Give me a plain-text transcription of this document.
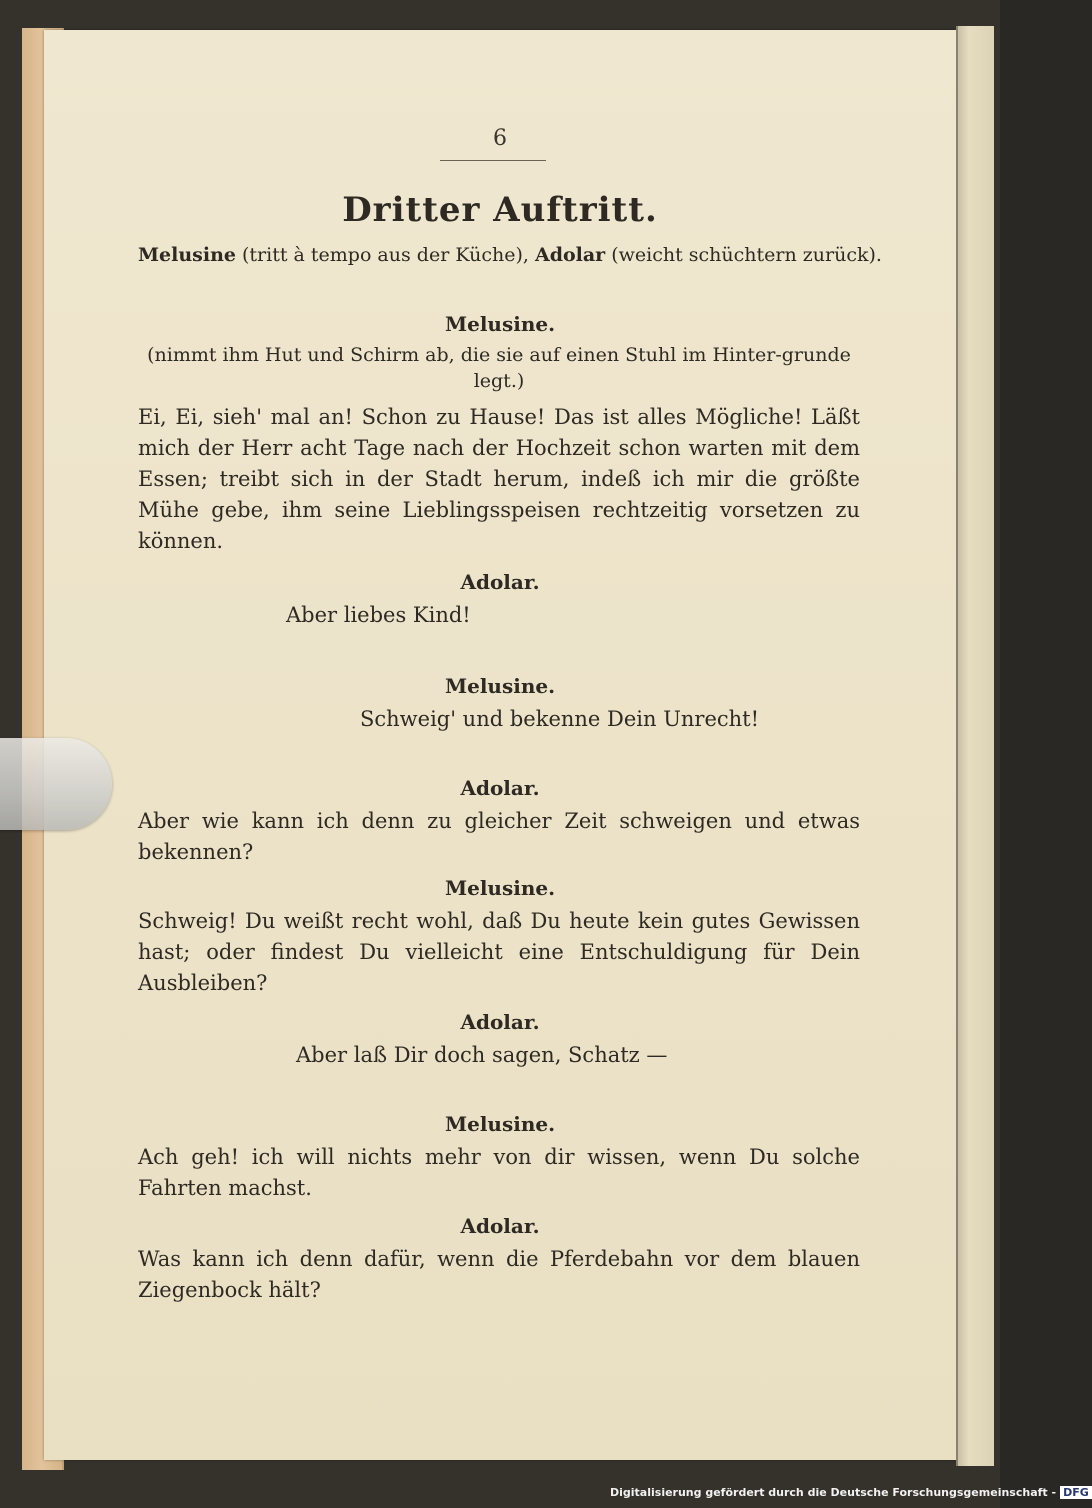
6
Dritter Auftritt.
Melusine (tritt à tempo aus der Küche), Adolar (weicht schüchtern zurück).
Melusine.
(nimmt ihm Hut und Schirm ab, die sie auf einen Stuhl im Hinter-grunde legt.)
Ei, Ei, sieh' mal an! Schon zu Hause! Das ist alles Mögliche! Läßt mich der Herr acht Tage nach der Hochzeit schon warten mit dem Essen; treibt sich in der Stadt herum, indeß ich mir die größte Mühe gebe, ihm seine Lieblingsspeisen rechtzeitig vorsetzen zu können.
Adolar.
Aber liebes Kind!
Melusine.
Schweig' und bekenne Dein Unrecht!
Adolar.
Aber wie kann ich denn zu gleicher Zeit schweigen und etwas bekennen?
Melusine.
Schweig! Du weißt recht wohl, daß Du heute kein gutes Gewissen hast; oder findest Du vielleicht eine Entschuldigung für Dein Ausbleiben?
Adolar.
Aber laß Dir doch sagen, Schatz —
Melusine.
Ach geh! ich will nichts mehr von dir wissen, wenn Du solche Fahrten machst.
Adolar.
Was kann ich denn dafür, wenn die Pferdebahn vor dem blauen Ziegenbock hält?
Digitalisierung gefördert durch die Deutsche Forschungsgemeinschaft - DFG
